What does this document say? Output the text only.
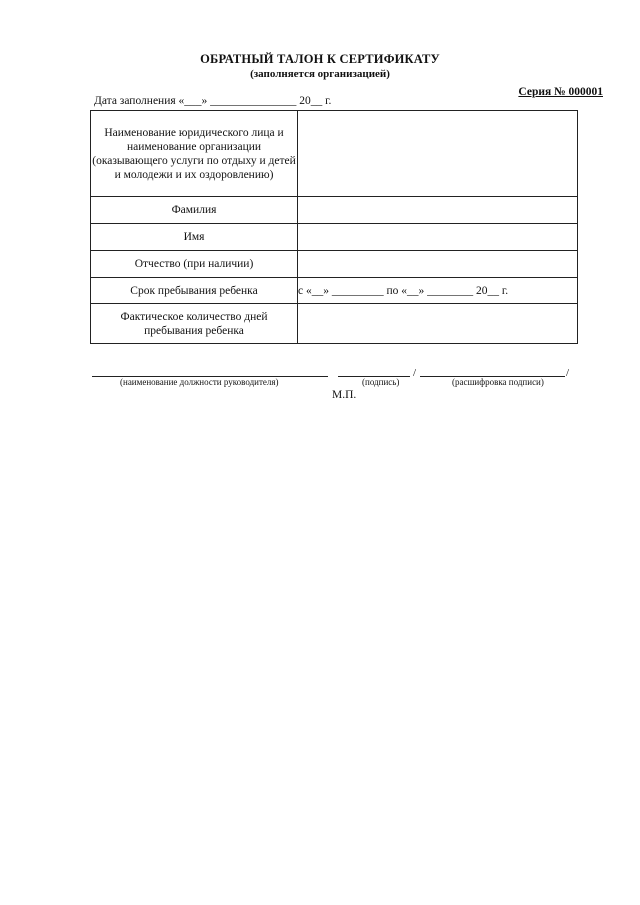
ОБРАТНЫЙ ТАЛОН К СЕРТИФИКАТУ
(заполняется организацией)
Серия № 000001
Дата заполнения «___» _______________ 20__ г.
Наименование юридического лица и наименование организации (оказывающего услуги по отдыху и детей и молодежи и их оздоровлению)	
Фамилия	
Имя	
Отчество (при наличии)	
Срок пребывания ребенка	с «__» _________ по «__» ________ 20__ г.
Фактическое количество дней пребывания ребенка	
/	/
(наименование должности руководителя)	(подпись)	(расшифровка подписи)
М.П.
